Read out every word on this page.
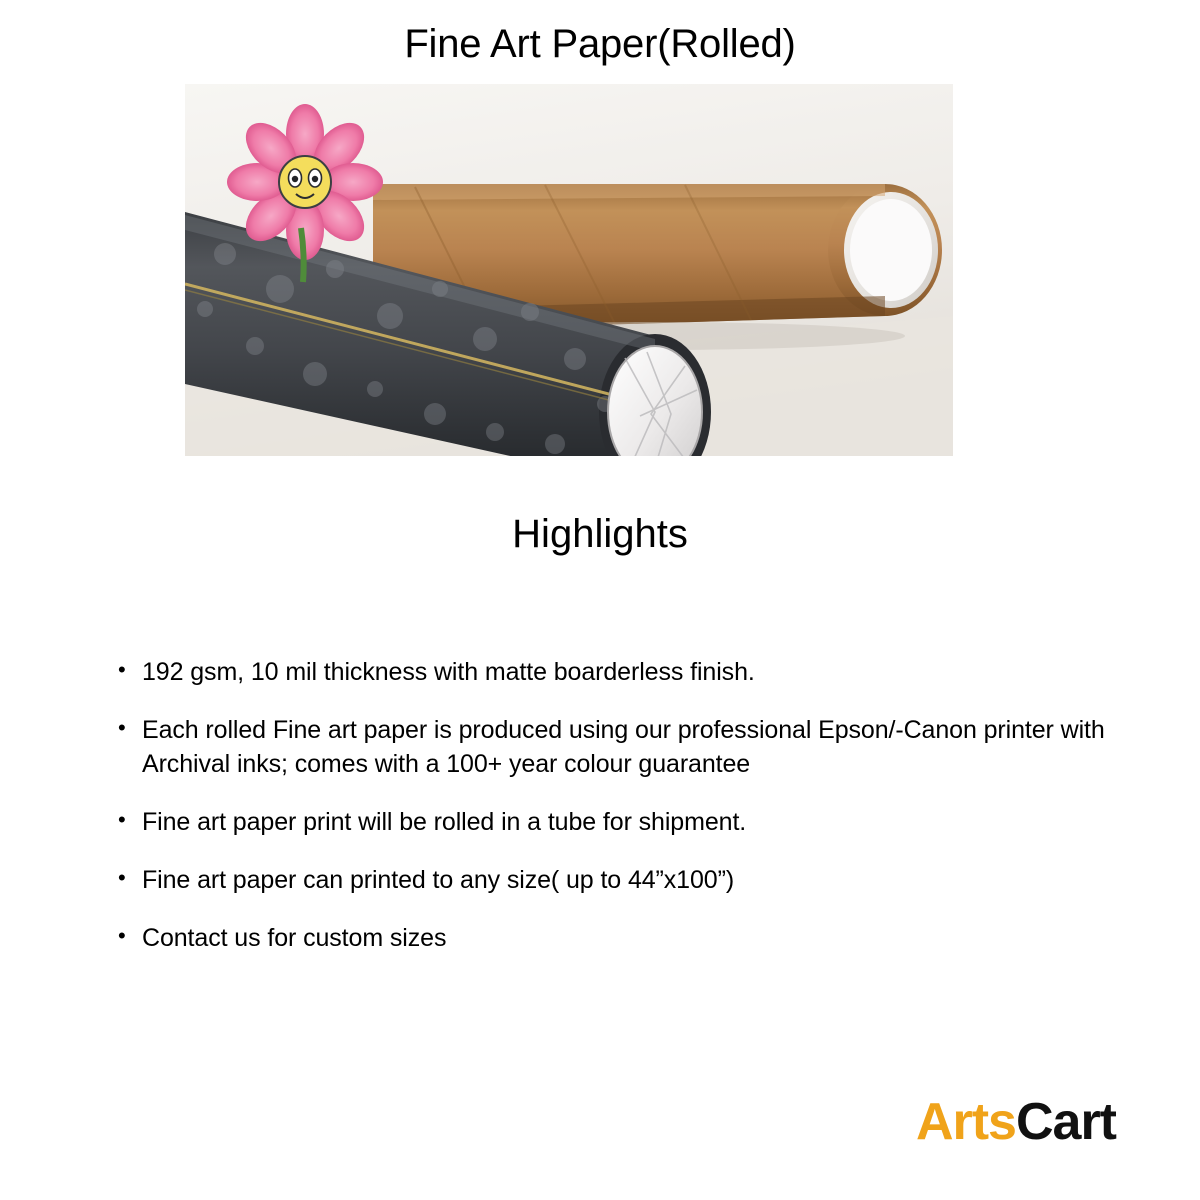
Fine Art Paper(Rolled)
Highlights
• 192 gsm, 10 mil thickness with matte boarderless finish.
• Each rolled Fine art paper is produced using our professional Epson/-Canon printer with Archival inks; comes with a 100+ year colour guarantee
• Fine art paper print will be rolled in a tube for shipment.
• Fine art paper can printed to any size( up to 44”x100”)
• Contact us for custom sizes
Arts Cart
